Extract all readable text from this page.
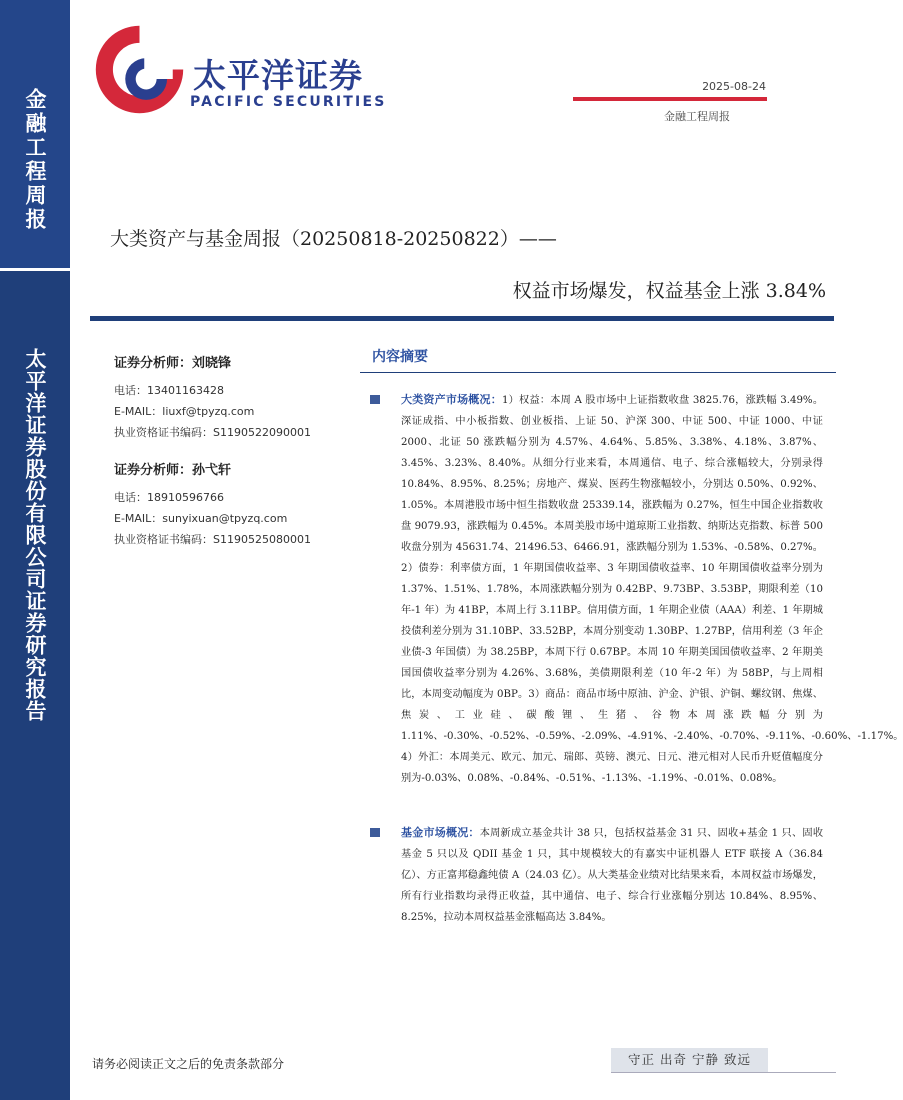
金融工程周报
太平洋证券股份有限公司证券研究报告
太平洋证券
PACIFIC SECURITIES
2025-08-24
金融工程周报
大类资产与基金周报（20250818-20250822）——
权益市场爆发，权益基金上涨 3.84%
证券分析师：刘晓锋
电话：13401163428
E-MAIL：liuxf@tpyzq.com
执业资格证书编码：S1190522090001
证券分析师：孙弋轩
电话：18910596766
E-MAIL：sunyixuan@tpyzq.com
执业资格证书编码：S1190525080001
内容摘要
大类资产市场概况：1）权益：本周 A 股市场中上证指数收盘 3825.76，涨跌幅 3.49%。深证成指、中小板指数、创业板指、上证 50、沪深 300、中证 500、中证 1000、中证 2000、北证 50 涨跌幅分别为 4.57%、4.64%、5.85%、3.38%、4.18%、3.87%、3.45%、3.23%、8.40%。从细分行业来看，本周通信、电子、综合涨幅较大，分别录得 10.84%、8.95%、8.25%；房地产、煤炭、医药生物涨幅较小，分别达 0.50%、0.92%、1.05%。本周港股市场中恒生指数收盘 25339.14，涨跌幅为 0.27%，恒生中国企业指数收盘 9079.93，涨跌幅为 0.45%。本周美股市场中道琼斯工业指数、纳斯达克指数、标普 500 收盘分别为 45631.74、21496.53、6466.91，涨跌幅分别为 1.53%、-0.58%、0.27%。2）债券：利率债方面，1 年期国债收益率、3 年期国债收益率、10 年期国债收益率分别为 1.37%、1.51%、1.78%，本周涨跌幅分别为 0.42BP、9.73BP、3.53BP，期限利差（10 年-1 年）为 41BP，本周上行 3.11BP。信用债方面，1 年期企业债（AAA）利差、1 年期城投债利差分别为 31.10BP、33.52BP，本周分别变动 1.30BP、1.27BP，信用利差（3 年企业债-3 年国债）为 38.25BP，本周下行 0.67BP。本周 10 年期美国国债收益率、2 年期美国国债收益率分别为 4.26%、3.68%，美债期限利差（10 年-2 年）为 58BP，与上周相比，本周变动幅度为 0BP。3）商品：商品市场中原油、沪金、沪银、沪铜、螺纹钢、焦煤、焦炭、工业硅、碳酸锂、生猪、谷物本周涨跌幅分别为 1.11%、-0.30%、-0.52%、-0.59%、-2.09%、-4.91%、-2.40%、-0.70%、-9.11%、-0.60%、-1.17%。4）外汇：本周美元、欧元、加元、瑞郎、英镑、澳元、日元、港元相对人民币升贬值幅度分别为-0.03%、0.08%、-0.84%、-0.51%、-1.13%、-1.19%、-0.01%、0.08%。
基金市场概况：本周新成立基金共计 38 只，包括权益基金 31 只、固收+基金 1 只、固收基金 5 只以及 QDII 基金 1 只，其中规模较大的有嘉实中证机器人 ETF 联接 A（36.84 亿）、方正富邦稳鑫纯债 A（24.03 亿）。从大类基金业绩对比结果来看，本周权益市场爆发，所有行业指数均录得正收益，其中通信、电子、综合行业涨幅分别达 10.84%、8.95%、8.25%，拉动本周权益基金涨幅高达 3.84%。
请务必阅读正文之后的免责条款部分	守正 出奇 宁静 致远
